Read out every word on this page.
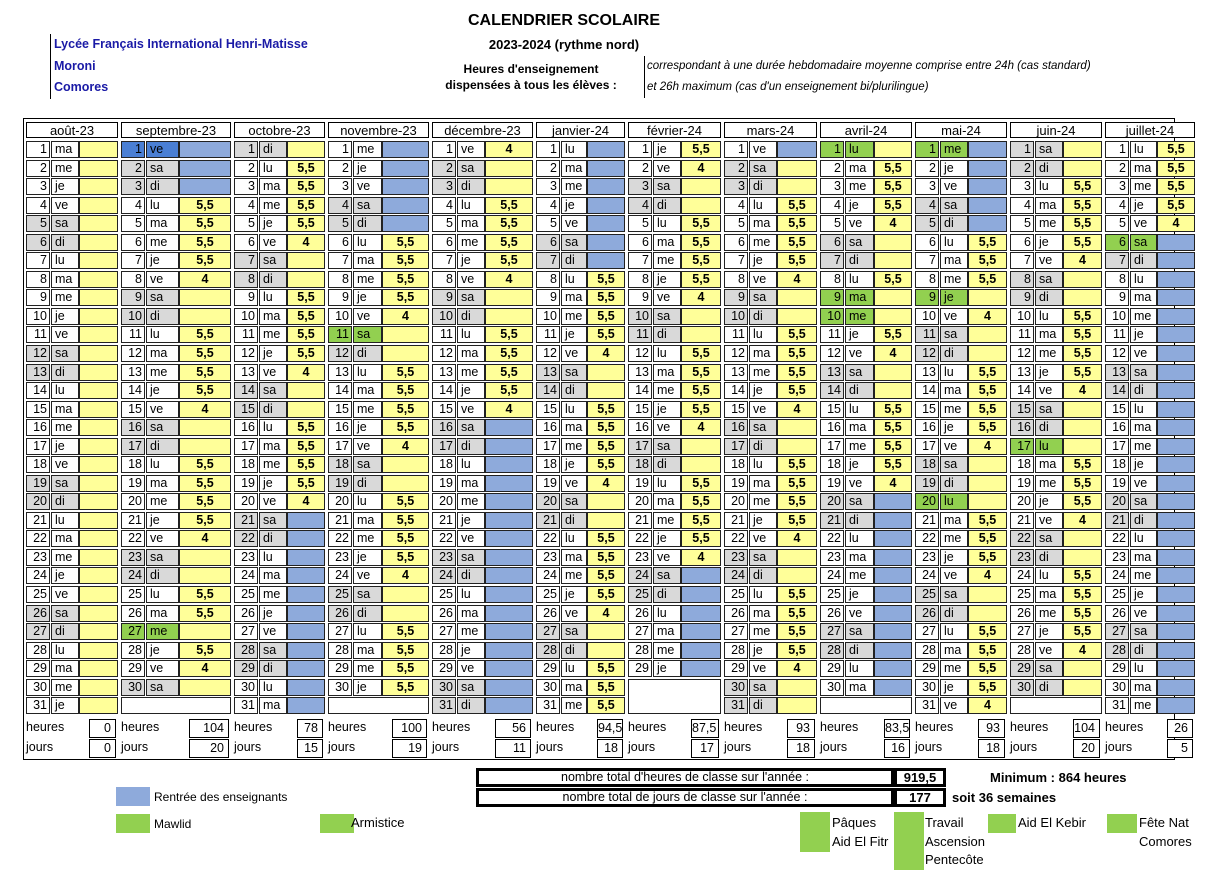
CALENDRIER SCOLAIRE
2023-2024 (rythme nord)
Lycée Français International Henri-Matisse
Moroni
Comores
Heures d'enseignement
dispensées à tous les élèves :
correspondant à une durée hebdomadaire moyenne comprise entre 24h (cas standard)
et 26h maximum (cas d'un enseignement bi/plurilingue)
août-23
1 ma
2 me
3 je
4 ve
5 sa
6 di
7 lu
8 ma
9 me
10 je
11 ve
12 sa
13 di
14 lu
15 ma
16 me
17 je
18 ve
19 sa
20 di
21 lu
22 ma
23 me
24 je
25 ve
26 sa
27 di
28 lu
29 ma
30 me
31 je
heures	0
jours	0
septembre-23
1 ve
2 sa
3 di
4 lu	5,5
5 ma	5,5
6 me	5,5
7 je	5,5
8 ve	4
9 sa
10 di
11 lu	5,5
12 ma	5,5
13 me	5,5
14 je	5,5
15 ve	4
16 sa
17 di
18 lu	5,5
19 ma	5,5
20 me	5,5
21 je	5,5
22 ve	4
23 sa
24 di
25 lu	5,5
26 ma	5,5
27 me
28 je	5,5
29 ve	4
30 sa
heures	104
jours	20
octobre-23
1 di
2 lu	5,5
3 ma	5,5
4 me	5,5
5 je	5,5
6 ve	4
7 sa
8 di
9 lu	5,5
10 ma	5,5
11 me	5,5
12 je	5,5
13 ve	4
14 sa
15 di
16 lu	5,5
17 ma	5,5
18 me	5,5
19 je	5,5
20 ve	4
21 sa
22 di
23 lu
24 ma
25 me
26 je
27 ve
28 sa
29 di
30 lu
31 ma
heures	78
jours	15
novembre-23
1 me
2 je
3 ve
4 sa
5 di
6 lu	5,5
7 ma	5,5
8 me	5,5
9 je	5,5
10 ve	4
11 sa
12 di
13 lu	5,5
14 ma	5,5
15 me	5,5
16 je	5,5
17 ve	4
18 sa
19 di
20 lu	5,5
21 ma	5,5
22 me	5,5
23 je	5,5
24 ve	4
25 sa
26 di
27 lu	5,5
28 ma	5,5
29 me	5,5
30 je	5,5
heures	100
jours	19
décembre-23
1 ve	4
2 sa
3 di
4 lu	5,5
5 ma	5,5
6 me	5,5
7 je	5,5
8 ve	4
9 sa
10 di
11 lu	5,5
12 ma	5,5
13 me	5,5
14 je	5,5
15 ve	4
16 sa
17 di
18 lu
19 ma
20 me
21 je
22 ve
23 sa
24 di
25 lu
26 ma
27 me
28 je
29 ve
30 sa
31 di
heures	56
jours	11
janvier-24
1 lu
2 ma
3 me
4 je
5 ve
6 sa
7 di
8 lu	5,5
9 ma	5,5
10 me	5,5
11 je	5,5
12 ve	4
13 sa
14 di
15 lu	5,5
16 ma	5,5
17 me	5,5
18 je	5,5
19 ve	4
20 sa
21 di
22 lu	5,5
23 ma	5,5
24 me	5,5
25 je	5,5
26 ve	4
27 sa
28 di
29 lu	5,5
30 ma	5,5
31 me	5,5
heures 94,5
jours	18
février-24
1 je	5,5
2 ve	4
3 sa
4 di
5 lu	5,5
6 ma	5,5
7 me	5,5
8 je	5,5
9 ve	4
10 sa
11 di
12 lu	5,5
13 ma	5,5
14 me	5,5
15 je	5,5
16 ve	4
17 sa
18 di
19 lu	5,5
20 ma	5,5
21 me	5,5
22 je	5,5
23 ve	4
24 sa
25 di
26 lu
27 ma
28 me
29 je
heures 87,5
jours	17
mars-24
1 ve
2 sa
3 di
4 lu	5,5
5 ma	5,5
6 me	5,5
7 je	5,5
8 ve	4
9 sa
10 di
11 lu	5,5
12 ma	5,5
13 me	5,5
14 je	5,5
15 ve	4
16 sa
17 di
18 lu	5,5
19 ma	5,5
20 me	5,5
21 je	5,5
22 ve	4
23 sa
24 di
25 lu	5,5
26 ma	5,5
27 me	5,5
28 je	5,5
29 ve	4
30 sa
31 di
heures	93
jours	18
avril-24
1 lu
2 ma	5,5
3 me	5,5
4 je	5,5
5 ve	4
6 sa
7 di
8 lu	5,5
9 ma
10 me
11 je	5,5
12 ve	4
13 sa
14 di
15 lu	5,5
16 ma	5,5
17 me	5,5
18 je	5,5
19 ve	4
20 sa
21 di
22 lu
23 ma
24 me
25 je
26 ve
27 sa
28 di
29 lu
30 ma
heures 83,5
jours	16
mai-24
1 me
2 je
3 ve
4 sa
5 di
6 lu	5,5
7 ma	5,5
8 me	5,5
9 je
10 ve	4
11 sa
12 di
13 lu	5,5
14 ma	5,5
15 me	5,5
16 je	5,5
17 ve	4
18 sa
19 di
20 lu
21 ma	5,5
22 me	5,5
23 je	5,5
24 ve	4
25 sa
26 di
27 lu	5,5
28 ma	5,5
29 me	5,5
30 je	5,5
31 ve	4
heures	93
jours	18
juin-24
1 sa
2 di
3 lu	5,5
4 ma	5,5
5 me	5,5
6 je	5,5
7 ve	4
8 sa
9 di
10 lu	5,5
11 ma	5,5
12 me	5,5
13 je	5,5
14 ve	4
15 sa
16 di
17 lu
18 ma	5,5
19 me	5,5
20 je	5,5
21 ve	4
22 sa
23 di
24 lu	5,5
25 ma	5,5
26 me	5,5
27 je	5,5
28 ve	4
29 sa
30 di
heures 104
jours	20
juillet-24
1 lu	5,5
2 ma	5,5
3 me	5,5
4 je	5,5
5 ve	4
6 sa
7 di
8 lu
9 ma
10 me
11 je
12 ve
13 sa
14 di
15 lu
16 ma
17 me
18 je
19 ve
20 sa
21 di
22 lu
23 ma
24 me
25 je
26 ve
27 sa
28 di
29 lu
30 ma
31 me
heures	26
jours	5
nombre total d'heures de classe sur l'année :	919,5
nombre total de jours de classe sur l'année :	177
Minimum : 864 heures
soit 36 semaines
Rentrée des enseignants
Mawlid	Armistice	Pâques
Aid El Fitr
Travail
Ascension
Pentecôte
Aid El Kebir	Fête Nat
Comores
